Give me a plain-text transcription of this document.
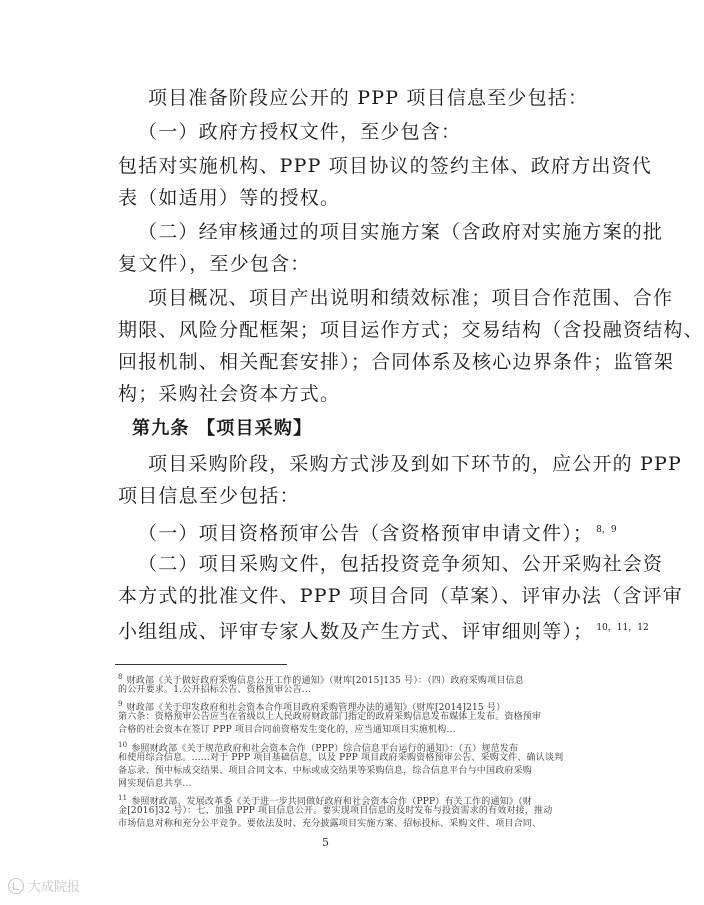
项目准备阶段应公开的 PPP 项目信息至少包括：
（一）政府方授权文件，至少包含：
包括对实施机构、PPP 项目协议的签约主体、政府方出资代
表（如适用）等的授权。
（二）经审核通过的项目实施方案（含政府对实施方案的批
复文件），至少包含：
项目概况、项目产出说明和绩效标准；项目合作范围、合作
期限、风险分配框架；项目运作方式；交易结构（含投融资结构、
回报机制、相关配套安排）；合同体系及核心边界条件；监管架
构；采购社会资本方式。
第九条 【项目采购】
项目采购阶段，采购方式涉及到如下环节的，应公开的 PPP
项目信息至少包括：
（一）项目资格预审公告（含资格预审申请文件）； $^{8,9}$
（二）项目采购文件，包括投资竞争须知、公开采购社会资
本方式的批准文件、PPP 项目合同（草案）、评审办法（含评审
小组组成、评审专家人数及产生方式、评审细则等）； $^{10,11,12}$
$^8$ 财政部《关于做好政府采购信息公开工作的通知》（财库[2015]135 号）：（四）政府采购项目信息
的公开要求。1.公开招标公告、资格预审公告...
$^9$ 财政部《关于印发政府和社会资本合作项目政府采购管理办法的通知》（财库[2014]215 号）
第六条：资格预审公告应当在省级以上人民政府财政部门指定的政府采购信息发布媒体上发布。资格预审
合格的社会资本在签订 PPP 项目合同前资格发生变化的，应当通知项目实施机构...
$^{10}$ 参照财政部《关于规范政府和社会资本合作（PPP）综合信息平台运行的通知》：（五）规范发布
和使用综合信息。......对于 PPP 项目基础信息，以及 PPP 项目政府采购资格预审公告、采购文件、确认谈判
备忘录、预中标成交结果、项目合同文本、中标或成交结果等采购信息，综合信息平台与中国政府采购
网实现信息共享...
$^{11}$ 参照财政部、发展改革委《关于进一步共同做好政府和社会资本合作（PPP）有关工作的通知》（财
金[2016]32 号）：七、加强 PPP 项目信息公开。要实现项目信息的及时发布与投资需求的有效对接，推动
市场信息对称和充分公平竞争。要依法及时、充分披露项目实施方案、招标投标、采购文件、项目合同、
5
大成院报
